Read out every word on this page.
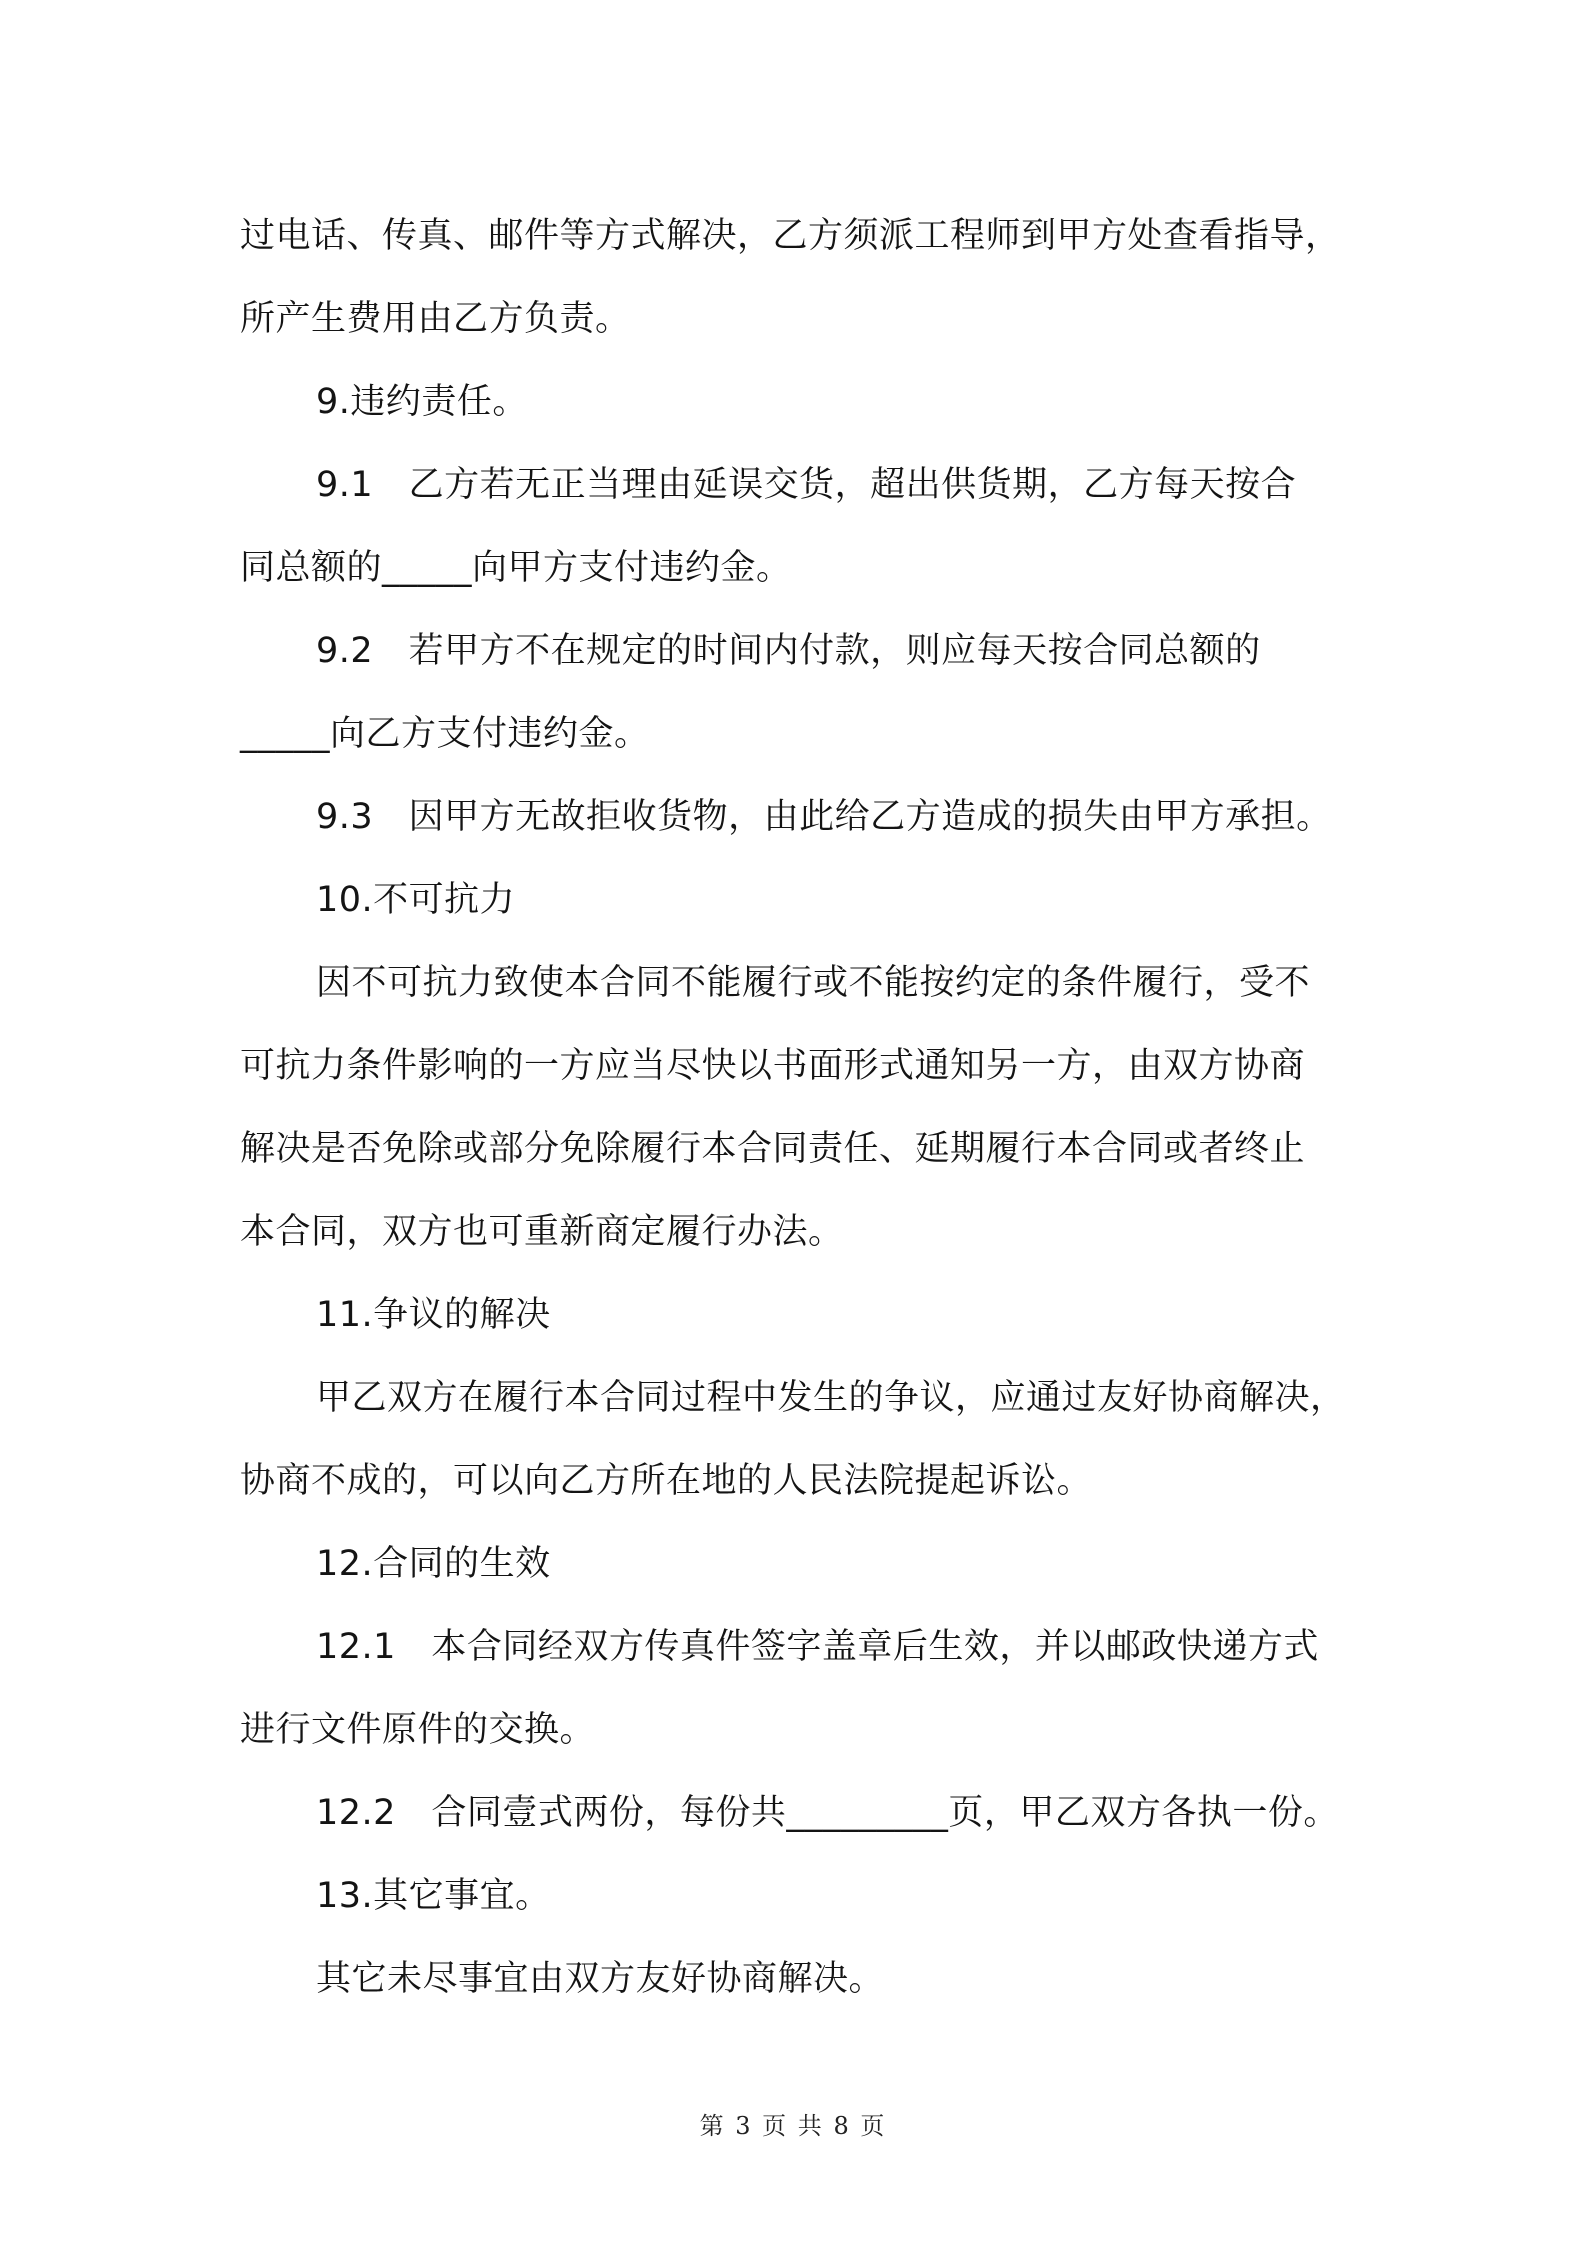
过电话、传真、邮件等方式解决，乙方须派工程师到甲方处查看指导，
所产生费用由乙方负责。
9.违约责任。
9.1　乙方若无正当理由延误交货，超出供货期，乙方每天按合
同总额的_____向甲方支付违约金。
9.2　若甲方不在规定的时间内付款，则应每天按合同总额的
_____向乙方支付违约金。
9.3　因甲方无故拒收货物，由此给乙方造成的损失由甲方承担。
10.不可抗力
因不可抗力致使本合同不能履行或不能按约定的条件履行，受不
可抗力条件影响的一方应当尽快以书面形式通知另一方，由双方协商
解决是否免除或部分免除履行本合同责任、延期履行本合同或者终止
本合同，双方也可重新商定履行办法。
11.争议的解决
甲乙双方在履行本合同过程中发生的争议，应通过友好协商解决，
协商不成的，可以向乙方所在地的人民法院提起诉讼。
12.合同的生效
12.1　本合同经双方传真件签字盖章后生效，并以邮政快递方式
进行文件原件的交换。
12.2　合同壹式两份，每份共_________页，甲乙双方各执一份。
13.其它事宜。
其它未尽事宜由双方友好协商解决。
第 3 页 共 8 页
